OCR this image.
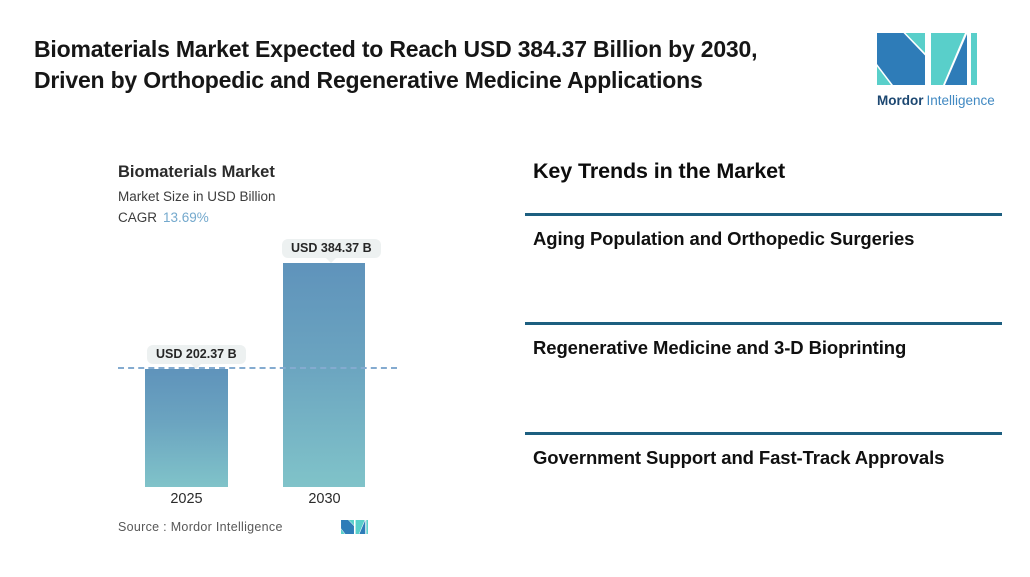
Biomaterials Market Expected to Reach USD 384.37 Billion by 2030,
Driven by Orthopedic and Regenerative Medicine Applications
Mordor Intelligence
Biomaterials Market
Market Size in USD Billion
CAGR 13.69%
USD 202.37 B
USD 384.37 B
2025	2030
Source : Mordor Intelligence
Key Trends in the Market
Aging Population and Orthopedic Surgeries
Regenerative Medicine and 3-D Bioprinting
Government Support and Fast-Track Approvals
